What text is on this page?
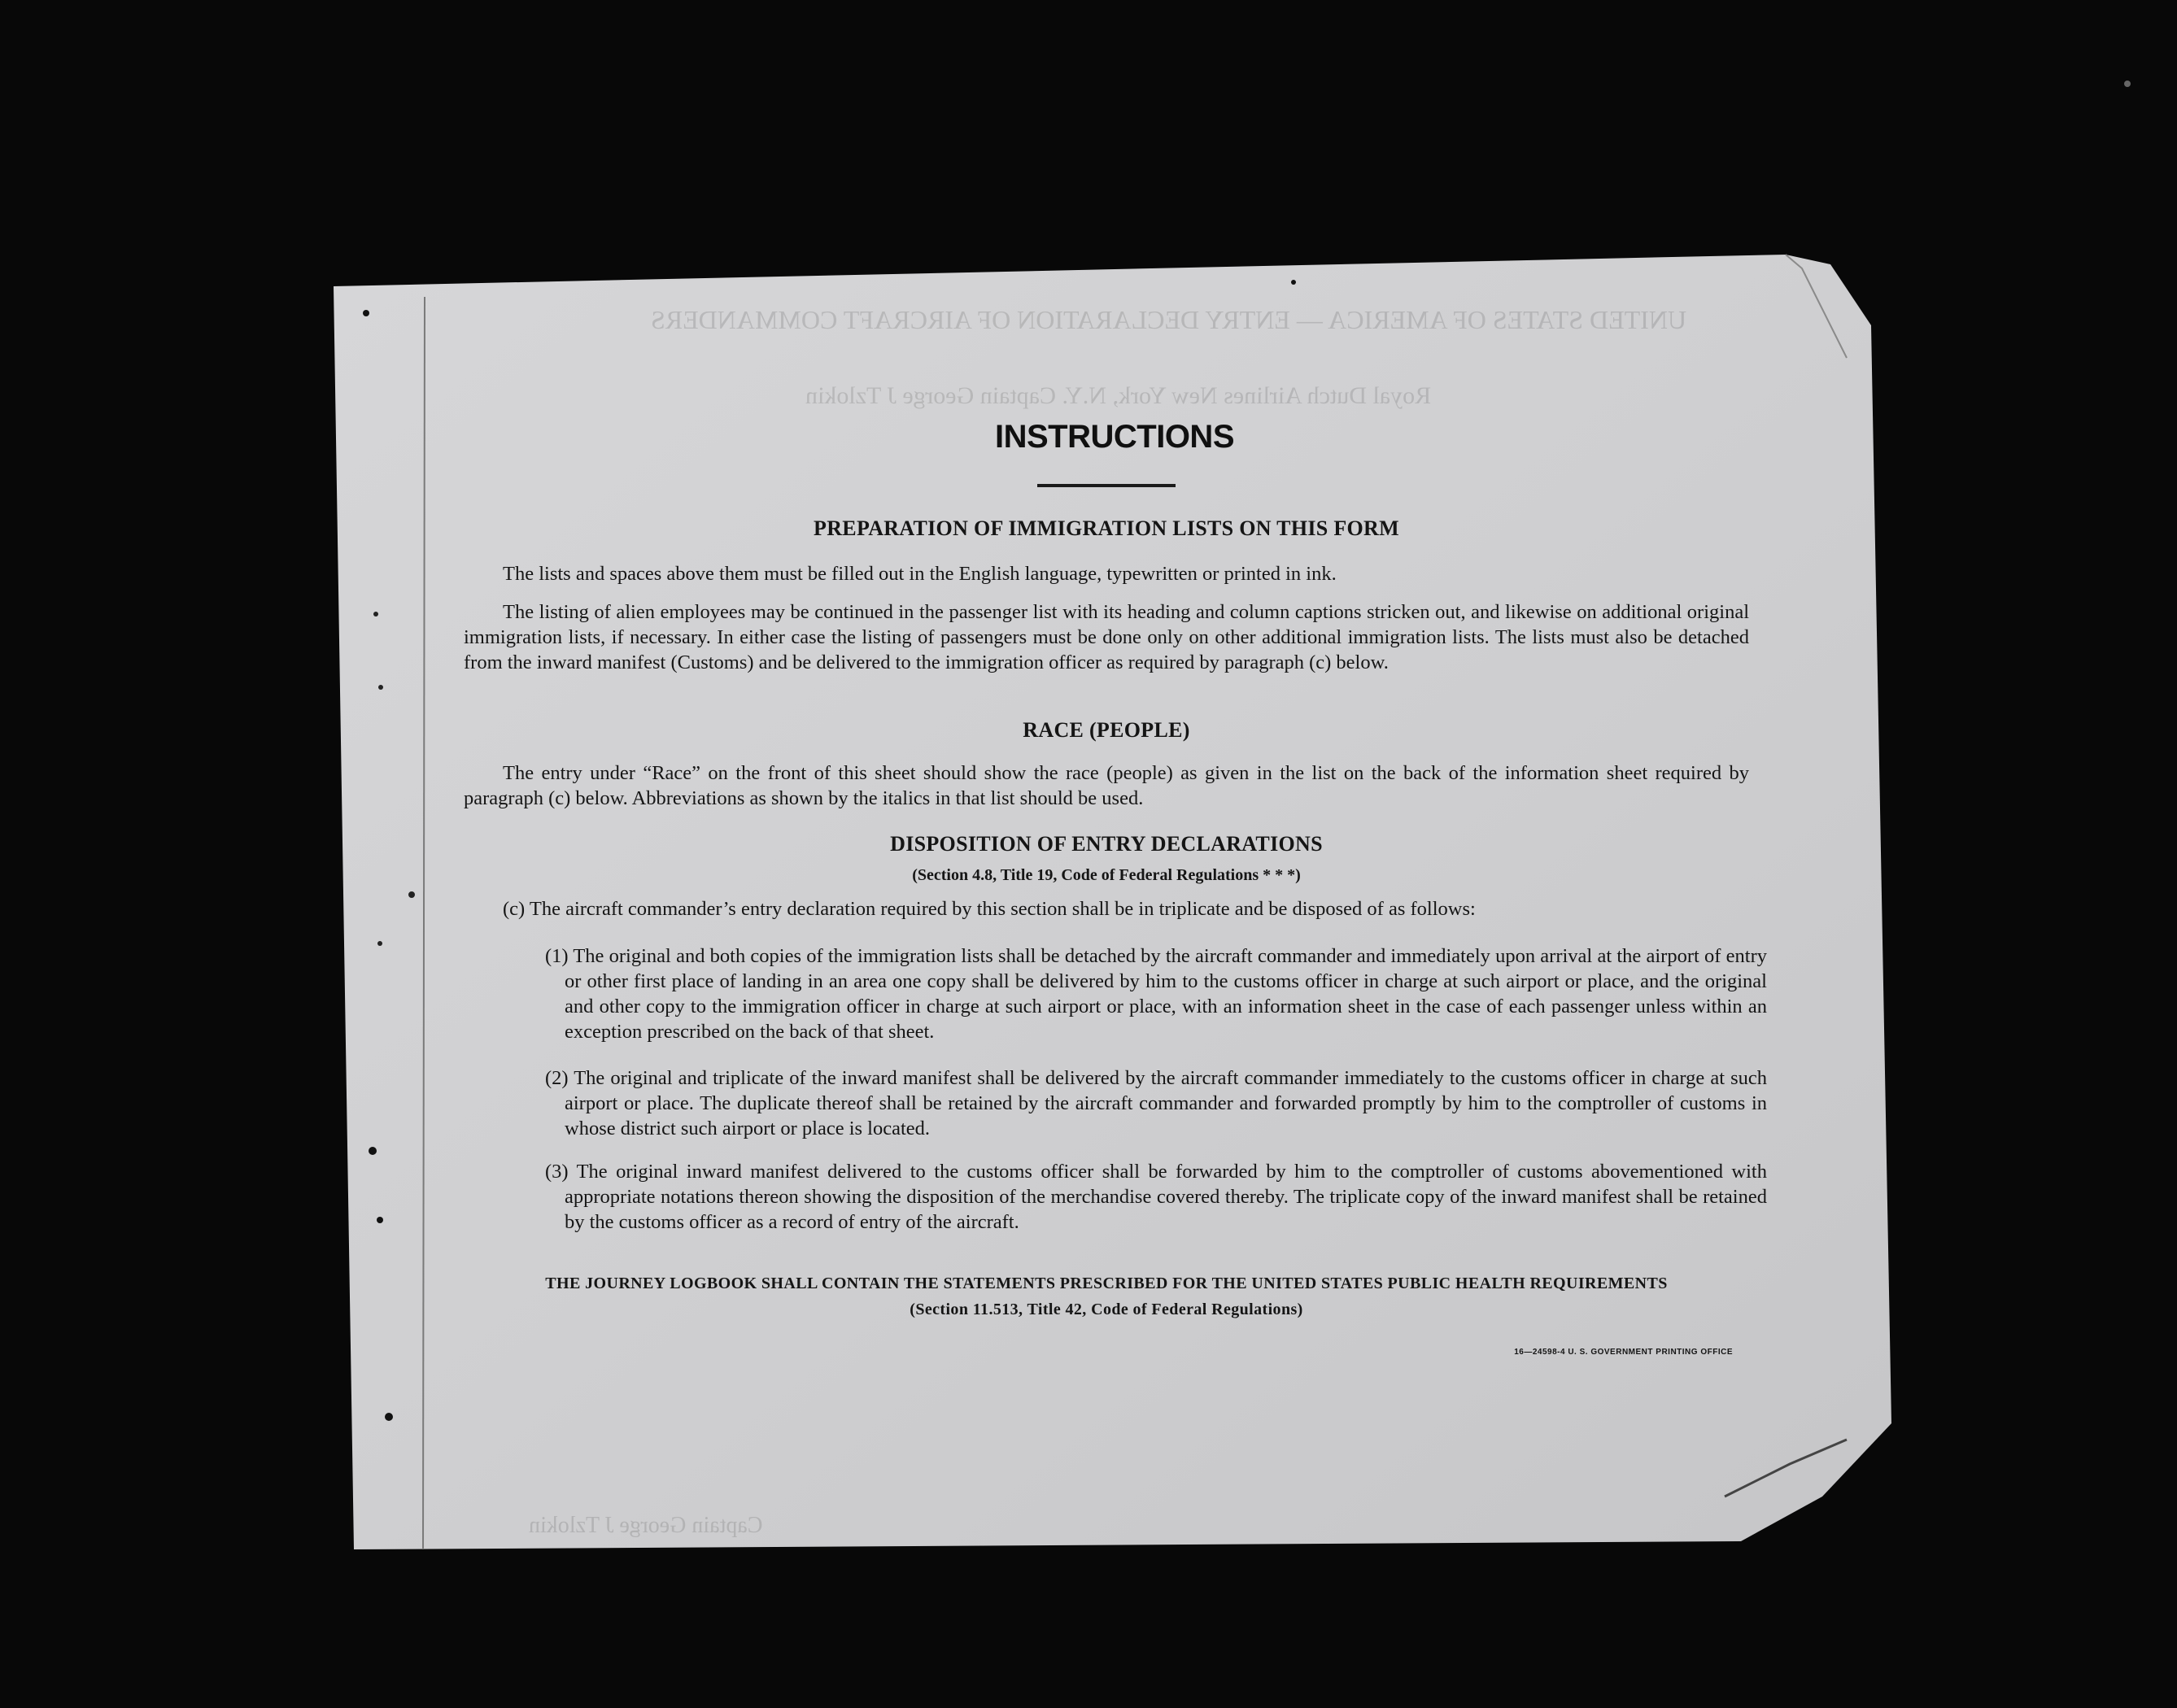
UNITED STATES OF AMERICA — ENTRY DECLARATION OF AIRCRAFT COMMANDERS
Royal Dutch Airlines New York, N.Y. Captain George J Tzlokin
Captain George J Tzlokin
INSTRUCTIONS
PREPARATION OF IMMIGRATION LISTS ON THIS FORM
The lists and spaces above them must be filled out in the English language, typewritten or printed in ink.
The listing of alien employees may be continued in the passenger list with its heading and column captions stricken out, and likewise on additional original immigration lists, if necessary. In either case the listing of passengers must be done only on other additional immigration lists. The lists must also be detached from the inward manifest (Customs) and be delivered to the immigration officer as required by paragraph (c) below.
RACE (PEOPLE)
The entry under “Race” on the front of this sheet should show the race (people) as given in the list on the back of the information sheet required by paragraph (c) below. Abbreviations as shown by the italics in that list should be used.
DISPOSITION OF ENTRY DECLARATIONS
(Section 4.8, Title 19, Code of Federal Regulations * * *)
(c) The aircraft commander’s entry declaration required by this section shall be in triplicate and be disposed of as follows:
(1) The original and both copies of the immigration lists shall be detached by the aircraft commander and immediately upon arrival at the airport of entry or other first place of landing in an area one copy shall be delivered by him to the customs officer in charge at such airport or place, and the original and other copy to the immigration officer in charge at such airport or place, with an information sheet in the case of each passenger unless within an exception prescribed on the back of that sheet.
(2) The original and triplicate of the inward manifest shall be delivered by the aircraft commander immediately to the customs officer in charge at such airport or place. The duplicate thereof shall be retained by the aircraft commander and forwarded promptly by him to the comptroller of customs in whose district such airport or place is located.
(3) The original inward manifest delivered to the customs officer shall be forwarded by him to the comptroller of customs abovementioned with appropriate notations thereon showing the disposition of the merchandise covered thereby. The triplicate copy of the inward manifest shall be retained by the customs officer as a record of entry of the aircraft.
THE JOURNEY LOGBOOK SHALL CONTAIN THE STATEMENTS PRESCRIBED FOR THE UNITED STATES PUBLIC HEALTH REQUIREMENTS
(Section 11.513, Title 42, Code of Federal Regulations)
16—24598-4 U. S. GOVERNMENT PRINTING OFFICE
